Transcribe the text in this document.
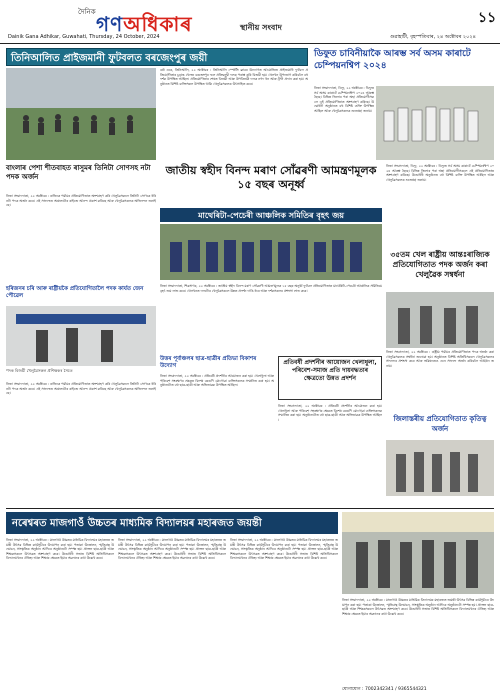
দৈনিক গণঅধিকাৰ	স্থানীয় সংবাদ
Dainik Gana Adhikar, Guwahati, Thursday, 24 October, 2024	গুৱাহাটী, বৃহস্পতিবাৰ, ২৪ অক্টোবৰ ২০২৪
১১
তিনিআলিত প্ৰাইজমানী ফুটবলত বৰজেংপুৰ জয়ী
বৰ্ষা ওৰে, তিনিআলি, ২২ অক্টোবৰ : তিনিআলি স্পোৰ্টিং ক্লাবৰ উদ্যোগত আয়োজিত প্ৰাইজমানী ফুটবল প্ৰতিযোগিতাৰ চূড়ান্ত খেলত বৰজেংপুৰ দলে প্ৰতিদ্বন্দ্বী দলক পৰাস্ত কৰি বিজয়ী হয়। খেলখন উপভোগ কৰিবলৈ বহু দৰ্শক উপস্থিত আছিল। প্ৰতিযোগিতাৰ শেষত বিজয়ী আৰু উপবিজয়ী দলক নগদ ধন আৰু ট্ৰফী প্ৰদান কৰা হয়। অনুষ্ঠানত বিশিষ্ট ব্যক্তিসকল উপস্থিত থাকি খেলুৱৈসকলক উৎসাহিত কৰে।
ডিফুত চাবিনীয়াকৈ আৰম্ভ সৰ্ব অসম কাৰাটে চেম্পিয়নশ্বিপ ২০২৪
নিজা সংবাদদাতা, ডিফু, ২২ অক্টোবৰ : ডিফুত সৰ্ব অসম কাৰাটে চেম্পিয়নশ্বিপ ২০২৪ আৰম্ভ হৈছে। বিভিন্ন জিলাৰ পৰা অহা প্ৰতিযোগীসকলে এই প্ৰতিযোগিতাত অংশগ্ৰহণ কৰিছে। উদ্বোধনী অনুষ্ঠানত বহু বিশিষ্ট ব্যক্তি উপস্থিত আছিল আৰু খেলুৱৈসকলক শুভেচ্ছা জনায়।
জাতীয় স্বহীদ বিনন্দ মৰাণ সোঁৱৰণী আমন্ত্ৰণমূলক ১৫ বছৰ অনূৰ্ধ্ব
মাথেৰিটা-পেচেৰী আঞ্চলিক সমিতিৰ বৃহৎ জয়
নিজা সংবাদদাতা, শিৱসাগৰ, ২২ অক্টোবৰ : জাতীয় স্বহীদ বিনন্দ মৰাণ সোঁৱৰণী আমন্ত্ৰণমূলক ১৫ বছৰ অনূৰ্ধ্ব ফুটবল প্ৰতিযোগিতাত মাথেৰিটা-পেচেৰী আঞ্চলিক সমিতিয়ে বৃহৎ জয় লাভ কৰে। খেলখনত দলটোৰ খেলুৱৈসকলে উন্নত প্ৰদৰ্শন দাঙি ধৰে আৰু দৰ্শকসকলৰ প্ৰশংসা লাভ কৰে।
বাংলাৰ পেশা শীতবাহত ৰাসুমৰ তিনিটা সোণসহ নটা পদক অৰ্জন
নিজা সংবাদদাতা, ২২ অক্টোবৰ : ৰাজ্যিক পৰ্যায়ৰ প্ৰতিযোগিতাত অংশগ্ৰহণ কৰি খেলুৱৈসকলে তিনিটা সোণকে ধৰি নটা পদক অৰ্জন কৰে। এই সাফল্যত অঞ্চলটোৰ ৰাইজে আনন্দ প্ৰকাশ কৰিছে আৰু খেলুৱৈসকলক অভিনন্দন জনাইছে।
হৰিজনৰ চৰি আৰু ৰাষ্ট্ৰীয়কৈ প্ৰতিযোগিতালৈ পদক কাৰ্যত জেন পৌৱেল
পদক বিজয়ী খেলুৱৈসকল প্ৰশিক্ষকৰ সৈতে
নিজা সংবাদদাতা, ডিফু, ২২ অক্টোবৰ : ডিফুত সৰ্ব অসম কাৰাটে চেম্পিয়নশ্বিপ ২০২৪ আৰম্ভ হৈছে। বিভিন্ন জিলাৰ পৰা অহা প্ৰতিযোগীসকলে এই প্ৰতিযোগিতাত অংশগ্ৰহণ কৰিছে। উদ্বোধনী অনুষ্ঠানত বহু বিশিষ্ট ব্যক্তি উপস্থিত আছিল আৰু খেলুৱৈসকলক শুভেচ্ছা জনায়।
৩৫তম খেল ৰাষ্ট্ৰীয় আন্তঃৰাজ্যিক প্ৰতিযোগিতাত পদক অৰ্জন কৰা খেলুৱৈক সম্বৰ্ধনা
নিজা সংবাদদাতা, ২২ অক্টোবৰ : ৰাষ্ট্ৰীয় পৰ্যায়ৰ প্ৰতিযোগিতাত পদক অৰ্জন কৰা খেলুৱৈসকলক সম্বৰ্ধনা জনোৱা হয়। অনুষ্ঠানত বিশিষ্ট অতিথিসকলে খেলুৱৈসকলৰ সাফল্যৰ প্ৰশংসা কৰে আৰু ভৱিষ্যতেও এনে সাফল্য অৰ্জন কৰিবলৈ আহ্বান জনায়।
প্ৰতিবৰ্ষী প্ৰদৰ্শনীৰ আয়োজন খেলাধুলা, পৰিবেশ-সমাজ প্ৰতি দায়বদ্ধতাৰ ক্ষেত্ৰতো উন্নত প্ৰদৰ্শন
উত্তৰ পূৰ্বাঞ্চলৰ ছাত্ৰ-ছাত্ৰীৰ প্ৰতিভা বিকাশৰ উদ্যোগ
নিজা সংবাদদাতা, ২২ অক্টোবৰ : প্ৰতিবৰ্ষী প্ৰদৰ্শনীৰ আয়োজন কৰা হয়। খেলাধুলা আৰু পৰিবেশ সংৰক্ষণৰ ক্ষেত্ৰত বিশেষ বৰঙণি যোগোৱা ব্যক্তিসকলক সন্মানিত কৰা হয়। অনুষ্ঠানটোত বহু ছাত্ৰ-ছাত্ৰী আৰু অভিভাৱক উপস্থিত আছিল।
নিজা সংবাদদাতা, ২২ অক্টোবৰ : প্ৰতিবৰ্ষী প্ৰদৰ্শনীৰ আয়োজন কৰা হয়। খেলাধুলা আৰু পৰিবেশ সংৰক্ষণৰ ক্ষেত্ৰত বিশেষ বৰঙণি যোগোৱা ব্যক্তিসকলক সন্মানিত কৰা হয়। অনুষ্ঠানটোত বহু ছাত্ৰ-ছাত্ৰী আৰু অভিভাৱক উপস্থিত আছিল।
নিজা সংবাদদাতা, ২২ অক্টোবৰ : ৰাজ্যিক পৰ্যায়ৰ প্ৰতিযোগিতাত অংশগ্ৰহণ কৰি খেলুৱৈসকলে তিনিটা সোণকে ধৰি নটা পদক অৰ্জন কৰে। এই সাফল্যত অঞ্চলটোৰ ৰাইজে আনন্দ প্ৰকাশ কৰিছে আৰু খেলুৱৈসকলক অভিনন্দন জনাইছে।
জিলাস্তৰীয় প্ৰতিযোগিতাত কৃতিত্ব অৰ্জন
নৰেশ্বৰত মাজগাওঁ উচ্চতৰ মাধ্যমিক বিদ্যালয়ৰ মহাৰজত জয়ন্তী
নিজা সংবাদদাতা, ২২ অক্টোবৰ : মাজগাওঁ উচ্চতৰ মাধ্যমিক বিদ্যালয়ৰ মহাৰজত জয়ন্তী উৎসৱ বিভিন্ন কাৰ্যসূচীৰে উদযাপন কৰা হয়। পতাকা উত্তোলন, স্মৃতিগ্ৰন্থ উন্মোচন, সাংস্কৃতিক অনুষ্ঠান আদিৰে অনুষ্ঠানটো সম্পন্ন হয়। প্ৰাক্তন ছাত্ৰ-ছাত্ৰী আৰু শিক্ষকসকলে উৎসৱত অংশগ্ৰহণ কৰে। উদ্বোধনী সভাত বিশিষ্ট অতিথিসকলে বিদ্যালয়খনৰ ঐতিহ্য আৰু শিক্ষাৰ ক্ষেত্ৰত ইয়াৰ অৱদানৰ কথা উল্লেখ কৰে।
নিজা সংবাদদাতা, ২২ অক্টোবৰ : মাজগাওঁ উচ্চতৰ মাধ্যমিক বিদ্যালয়ৰ মহাৰজত জয়ন্তী উৎসৱ বিভিন্ন কাৰ্যসূচীৰে উদযাপন কৰা হয়। পতাকা উত্তোলন, স্মৃতিগ্ৰন্থ উন্মোচন, সাংস্কৃতিক অনুষ্ঠান আদিৰে অনুষ্ঠানটো সম্পন্ন হয়। প্ৰাক্তন ছাত্ৰ-ছাত্ৰী আৰু শিক্ষকসকলে উৎসৱত অংশগ্ৰহণ কৰে। উদ্বোধনী সভাত বিশিষ্ট অতিথিসকলে বিদ্যালয়খনৰ ঐতিহ্য আৰু শিক্ষাৰ ক্ষেত্ৰত ইয়াৰ অৱদানৰ কথা উল্লেখ কৰে।
নিজা সংবাদদাতা, ২২ অক্টোবৰ : মাজগাওঁ উচ্চতৰ মাধ্যমিক বিদ্যালয়ৰ মহাৰজত জয়ন্তী উৎসৱ বিভিন্ন কাৰ্যসূচীৰে উদযাপন কৰা হয়। পতাকা উত্তোলন, স্মৃতিগ্ৰন্থ উন্মোচন, সাংস্কৃতিক অনুষ্ঠান আদিৰে অনুষ্ঠানটো সম্পন্ন হয়। প্ৰাক্তন ছাত্ৰ-ছাত্ৰী আৰু শিক্ষকসকলে উৎসৱত অংশগ্ৰহণ কৰে। উদ্বোধনী সভাত বিশিষ্ট অতিথিসকলে বিদ্যালয়খনৰ ঐতিহ্য আৰু শিক্ষাৰ ক্ষেত্ৰত ইয়াৰ অৱদানৰ কথা উল্লেখ কৰে।
নিজা সংবাদদাতা, ২২ অক্টোবৰ : মাজগাওঁ উচ্চতৰ মাধ্যমিক বিদ্যালয়ৰ মহাৰজত জয়ন্তী উৎসৱ বিভিন্ন কাৰ্যসূচীৰে উদযাপন কৰা হয়। পতাকা উত্তোলন, স্মৃতিগ্ৰন্থ উন্মোচন, সাংস্কৃতিক অনুষ্ঠান আদিৰে অনুষ্ঠানটো সম্পন্ন হয়। প্ৰাক্তন ছাত্ৰ-ছাত্ৰী আৰু শিক্ষকসকলে উৎসৱত অংশগ্ৰহণ কৰে। উদ্বোধনী সভাত বিশিষ্ট অতিথিসকলে বিদ্যালয়খনৰ ঐতিহ্য আৰু শিক্ষাৰ ক্ষেত্ৰত ইয়াৰ অৱদানৰ কথা উল্লেখ কৰে।
যোগাযোগ : 7002342341 / 9365544321
